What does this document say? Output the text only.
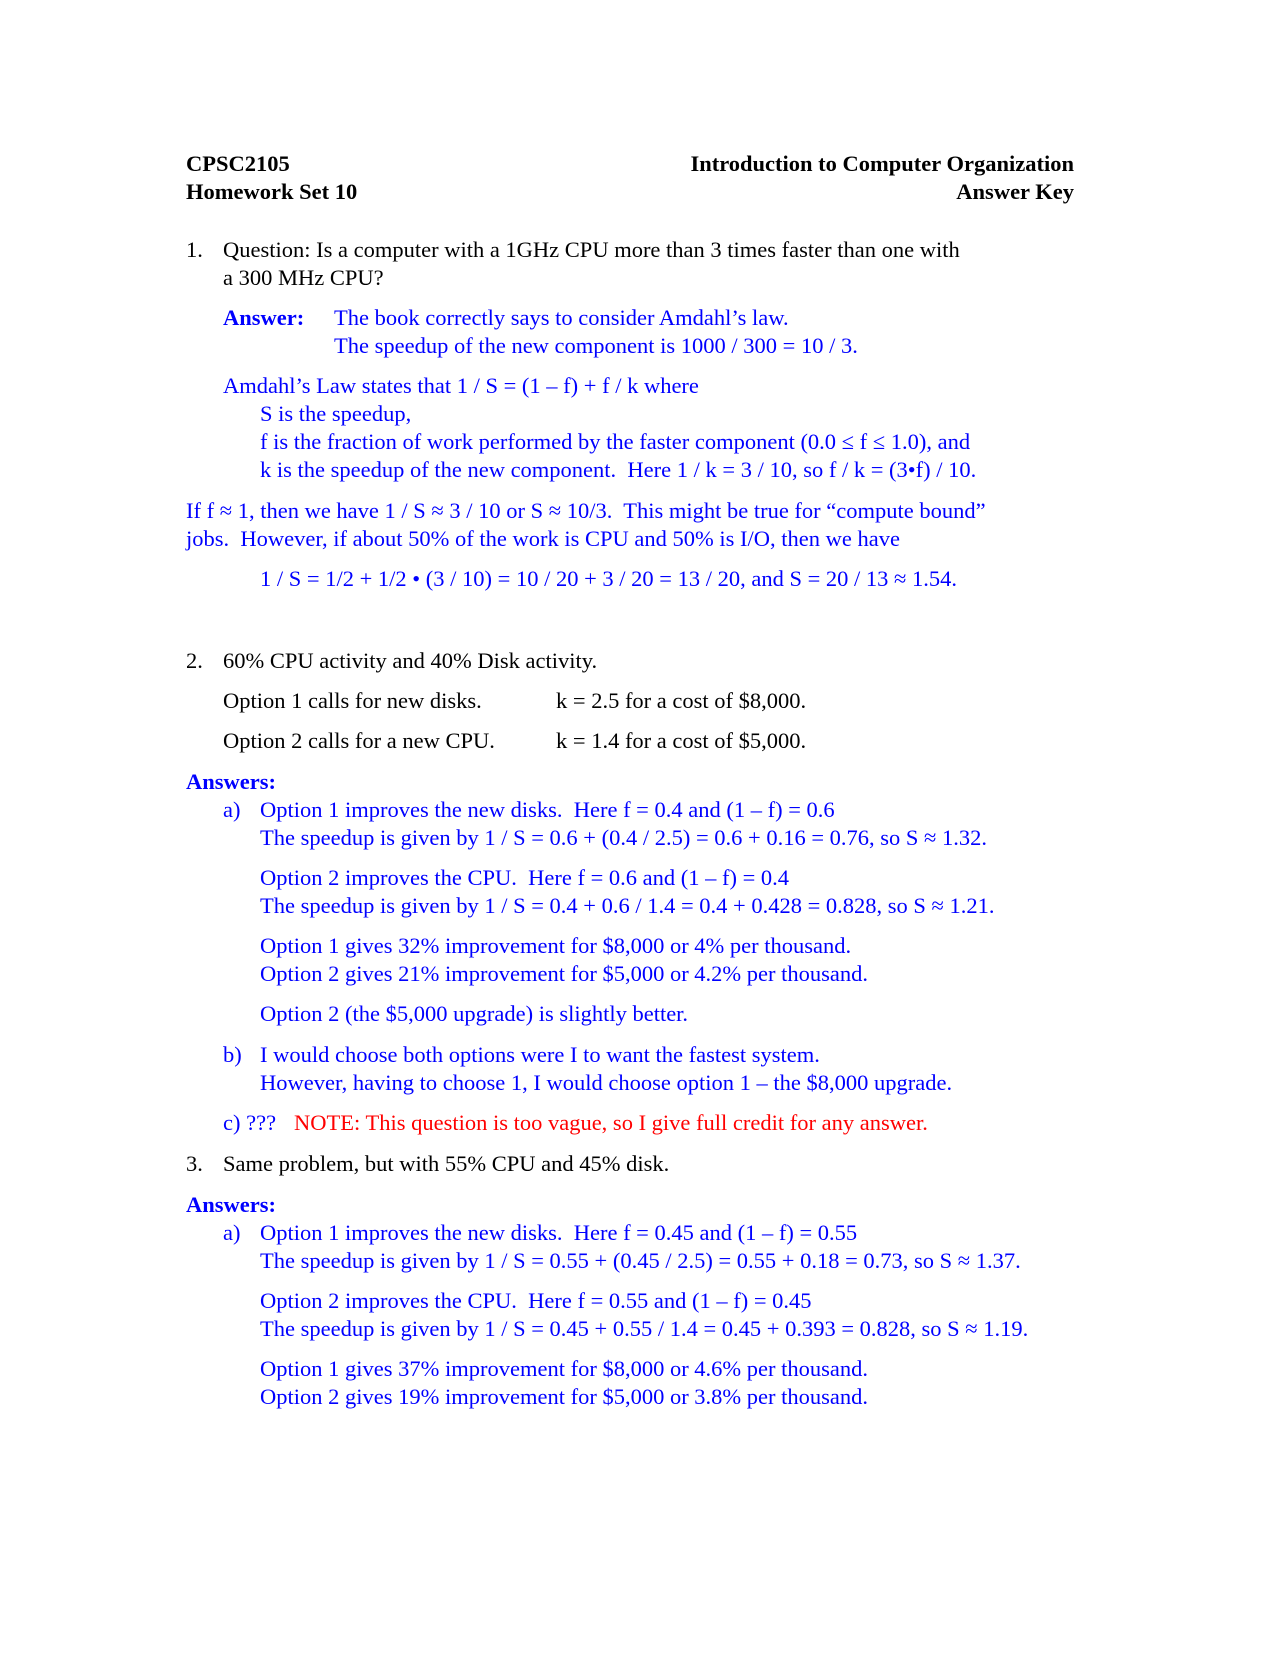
CPSC2105	Introduction to Computer Organization
Homework Set 10	Answer Key
1. Question: Is a computer with a 1GHz CPU more than 3 times faster than one with
a 300 MHz CPU?
Answer: The book correctly says to consider Amdahl’s law.
The speedup of the new component is 1000 / 300 = 10 / 3.
Amdahl’s Law states that 1 / S = (1 – f) + f / k where
S is the speedup,
f is the fraction of work performed by the faster component (0.0 ≤ f ≤ 1.0), and
k is the speedup of the new component.  Here 1 / k = 3 / 10, so f / k = (3•f) / 10.
If f ≈ 1, then we have 1 / S ≈ 3 / 10 or S ≈ 10/3.  This might be true for “compute bound”
jobs.  However, if about 50% of the work is CPU and 50% is I/O, then we have
1 / S = 1/2 + 1/2 • (3 / 10) = 10 / 20 + 3 / 20 = 13 / 20, and S = 20 / 13 ≈ 1.54.
2. 60% CPU activity and 40% Disk activity.
Option 1 calls for new disks.	k = 2.5 for a cost of $8,000.
Option 2 calls for a new CPU.	k = 1.4 for a cost of $5,000.
Answers:
a) Option 1 improves the new disks.  Here f = 0.4 and (1 – f) = 0.6
The speedup is given by 1 / S = 0.6 + (0.4 / 2.5) = 0.6 + 0.16 = 0.76, so S ≈ 1.32.
Option 2 improves the CPU.  Here f = 0.6 and (1 – f) = 0.4
The speedup is given by 1 / S = 0.4 + 0.6 / 1.4 = 0.4 + 0.428 = 0.828, so S ≈ 1.21.
Option 1 gives 32% improvement for $8,000 or 4% per thousand.
Option 2 gives 21% improvement for $5,000 or 4.2% per thousand.
Option 2 (the $5,000 upgrade) is slightly better.
b) I would choose both options were I to want the fastest system.
However, having to choose 1, I would choose option 1 – the $8,000 upgrade.
c) ??? NOTE: This question is too vague, so I give full credit for any answer.
3. Same problem, but with 55% CPU and 45% disk.
Answers:
a) Option 1 improves the new disks.  Here f = 0.45 and (1 – f) = 0.55
The speedup is given by 1 / S = 0.55 + (0.45 / 2.5) = 0.55 + 0.18 = 0.73, so S ≈ 1.37.
Option 2 improves the CPU.  Here f = 0.55 and (1 – f) = 0.45
The speedup is given by 1 / S = 0.45 + 0.55 / 1.4 = 0.45 + 0.393 = 0.828, so S ≈ 1.19.
Option 1 gives 37% improvement for $8,000 or 4.6% per thousand.
Option 2 gives 19% improvement for $5,000 or 3.8% per thousand.
